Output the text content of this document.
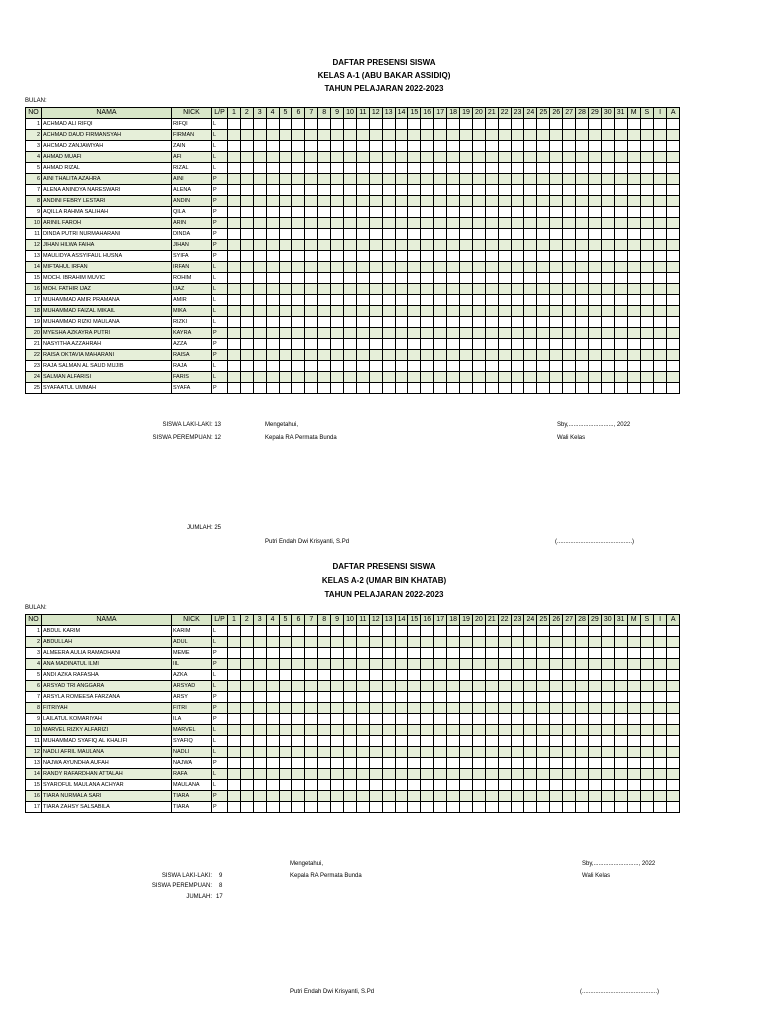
DAFTAR PRESENSI SISWA
KELAS A-1 (ABU BAKAR ASSIDIQ)
TAHUN PELAJARAN 2022-2023
BULAN:
NO	NAMA	NICK	L/P	1	2	3	4	5	6	7	8	9	10	11	12	13	14	15	16	17	18	19	20	21	22	23	24	25	26	27	28	29	30	31	M	S	I	A
1	ACHMAD ALI RIFQI	RIFQI	L																																			
2	ACHMAD DAUD FIRMANSYAH	FIRMAN	L																																			
3	AHCMAD ZANJAWIYAH	ZAIN	L																																			
4	AHMAD MUAFI	AFI	L																																			
5	AHMAD RIZAL	RIZAL	L																																			
6	AINI THALITA AZAHRA	AINI	P																																			
7	ALENA ANINDYA NARESWARI	ALENA	P																																			
8	ANDINI FEBRY LESTARI	ANDIN	P																																			
9	AQILLA RAHMA SALIHAH	QILA	P																																			
10	ARINIL FAROH	ARIN	P																																			
11	DINDA PUTRI NURMAHARANI	DINDA	P																																			
12	JIHAN HILWA FAIHA	JIHAN	P																																			
13	MAULIDYA ASSYIFAUL HUSNA	SYIFA	P																																			
14	MIFTAHUL IRFAN	IRFAN	L																																			
15	MOCH. IBRAHIM MUVIC	ROHIM	L																																			
16	MOH. FATHIR IJAZ	IJAZ	L																																			
17	MUHAMMAD AMIR PRAMANA	AMIR	L																																			
18	MUHAMMAD FAIZAL MIKAIL	MIKA	L																																			
19	MUHAMMAD RIZKI MAULANA	RIZKI	L																																			
20	MYESHA AZKAYRA PUTRI	KAYRA	P																																			
21	NASYITHA AZZAHRAH	AZZA	P																																			
22	RAISA OKTAVIA MAHARANI	RAISA	P																																			
23	RAJA SALMAN AL SAUD MUJIB	RAJA	L																																			
24	SALMAN ALFARISI	FARIS	L																																			
25	SYAFAATUL UMMAH	SYAFA	P																																			
SISWA LAKI-LAKI: 13
SISWA PEREMPUAN: 12
JUMLAH: 25
Mengetahui,
Kepala RA Permata Bunda
Sby,..........................., 2022
Wali Kelas
Putri Endah Dwi Krisyanti, S.Pd	(.............................................)
DAFTAR PRESENSI SISWA
KELAS A-2 (UMAR BIN KHATAB)
TAHUN PELAJARAN 2022-2023
BULAN:
NO	NAMA	NICK	L/P	1	2	3	4	5	6	7	8	9	10	11	12	13	14	15	16	17	18	19	20	21	22	23	24	25	26	27	28	29	30	31	M	S	I	A
1	ABDUL KARIM	KARIM	L																																			
2	ABDULLAH	ADUL	L																																			
3	ALMEERA AULIA RAMADHANI	MEME	P																																			
4	ANA MADINATUL ILMI	IIL	P																																			
5	ANDI AZKA RAFASHA	AZKA	L																																			
6	ARSYAD TRI ANGGARA	ARSYAD	L																																			
7	ARSYLA ROMEESA FARZANA	ARSY	P																																			
8	FITRIYAH	FITRI	P																																			
9	LAILATUL KOMARIYAH	ILA	P																																			
10	MARVEL RIZKY ALFARIZI	MARVEL	L																																			
11	MUHAMMAD SYAFIQ AL KHALIFI	SYAFIQ	L																																			
12	NADLI AFRIL MAULANA	NADLI	L																																			
13	NAJWA AYUNDHA AUFAH	NAJWA	P																																			
14	RANDY RAFARDHAN ATTALAH	RAFA	L																																			
15	SYAROFUL MAULANA ACHYAR	MAULANA	L																																			
16	TIARA NURMALA SARI	TIARA	P																																			
17	TIARA ZAHSY SALSABILA	TIARA	P																																			
SISWA LAKI-LAKI: 9
SISWA PEREMPUAN: 8
JUMLAH: 17
Mengetahui,
Kepala RA Permata Bunda
Sby,..........................., 2022
Wali Kelas
Putri Endah Dwi Krisyanti, S.Pd	(.............................................)
